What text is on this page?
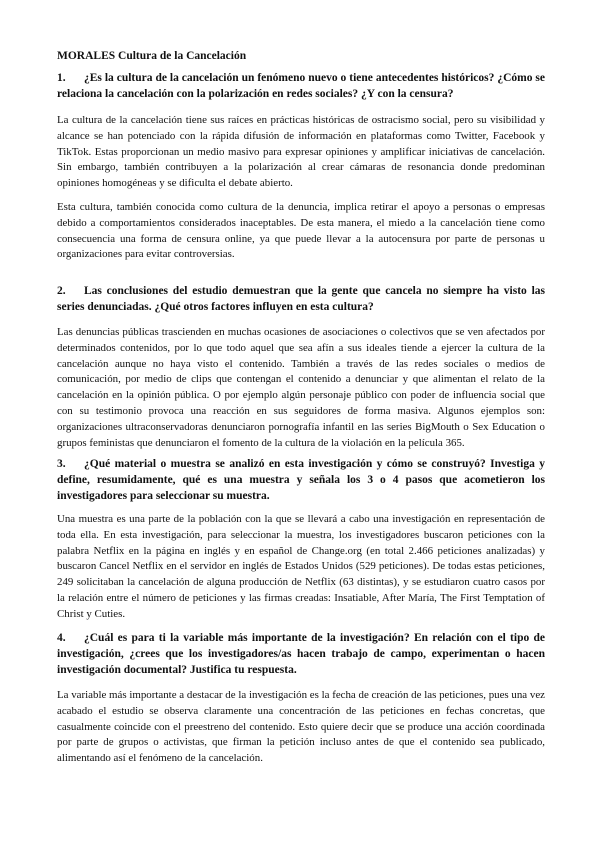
MORALES Cultura de la Cancelación
1. ¿Es la cultura de la cancelación un fenómeno nuevo o tiene antecedentes históricos? ¿Cómo se relaciona la cancelación con la polarización en redes sociales? ¿Y con la censura?

La cultura de la cancelación tiene sus raíces en prácticas históricas de ostracismo social, pero su visibilidad y alcance se han potenciado con la rápida difusión de información en plataformas como Twitter, Facebook y TikTok. Estas proporcionan un medio masivo para expresar opiniones y amplificar iniciativas de cancelación. Sin embargo, también contribuyen a la polarización al crear cámaras de resonancia donde predominan opiniones homogéneas y se dificulta el debate abierto.

Esta cultura, también conocida como cultura de la denuncia, implica retirar el apoyo a personas o empresas debido a comportamientos considerados inaceptables. De esta manera, el miedo a la cancelación tiene como consecuencia una forma de censura online, ya que puede llevar a la autocensura por parte de personas u organizaciones para evitar controversias.

2. Las conclusiones del estudio demuestran que la gente que cancela no siempre ha visto las series denunciadas. ¿Qué otros factores influyen en esta cultura?

Las denuncias públicas trascienden en muchas ocasiones de asociaciones o colectivos que se ven afectados por determinados contenidos, por lo que todo aquel que sea afín a sus ideales tiende a ejercer la cultura de la cancelación aunque no haya visto el contenido. También a través de las redes sociales o medios de comunicación, por medio de clips que contengan el contenido a denunciar y que alimentan el relato de la cancelación en la opinión pública. O por ejemplo algún personaje público con poder de influencia social que con su testimonio provoca una reacción en sus seguidores de forma masiva. Algunos ejemplos son: organizaciones ultraconservadoras denunciaron pornografía infantil en las series BigMouth o Sex Education o grupos feministas que denunciaron el fomento de la cultura de la violación en la película 365.

3. ¿Qué material o muestra se analizó en esta investigación y cómo se construyó? Investiga y define, resumidamente, qué es una muestra y señala los 3 o 4 pasos que acometieron los investigadores para seleccionar su muestra.

Una muestra es una parte de la población con la que se llevará a cabo una investigación en representación de toda ella. En esta investigación, para seleccionar la muestra, los investigadores buscaron peticiones con la palabra Netflix en la página en inglés y en español de Change.org (en total 2.466 peticiones analizadas) y buscaron Cancel Netflix en el servidor en inglés de Estados Unidos (529 peticiones). De todas estas peticiones, 249 solicitaban la cancelación de alguna producción de Netflix (63 distintas), y se estudiaron cuatro casos por la relación entre el número de peticiones y las firmas creadas: Insatiable, After María, The First Temptation of Christ y Cuties.

4. ¿Cuál es para ti la variable más importante de la investigación? En relación con el tipo de investigación, ¿crees que los investigadores/as hacen trabajo de campo, experimentan o hacen investigación documental? Justifica tu respuesta.

La variable más importante a destacar de la investigación es la fecha de creación de las peticiones, pues una vez acabado el estudio se observa claramente una concentración de las peticiones en fechas concretas, que casualmente coincide con el preestreno del contenido. Esto quiere decir que se produce una acción coordinada por parte de grupos o activistas, que firman la petición incluso antes de que el contenido sea publicado, alimentando así el fenómeno de la cancelación.
